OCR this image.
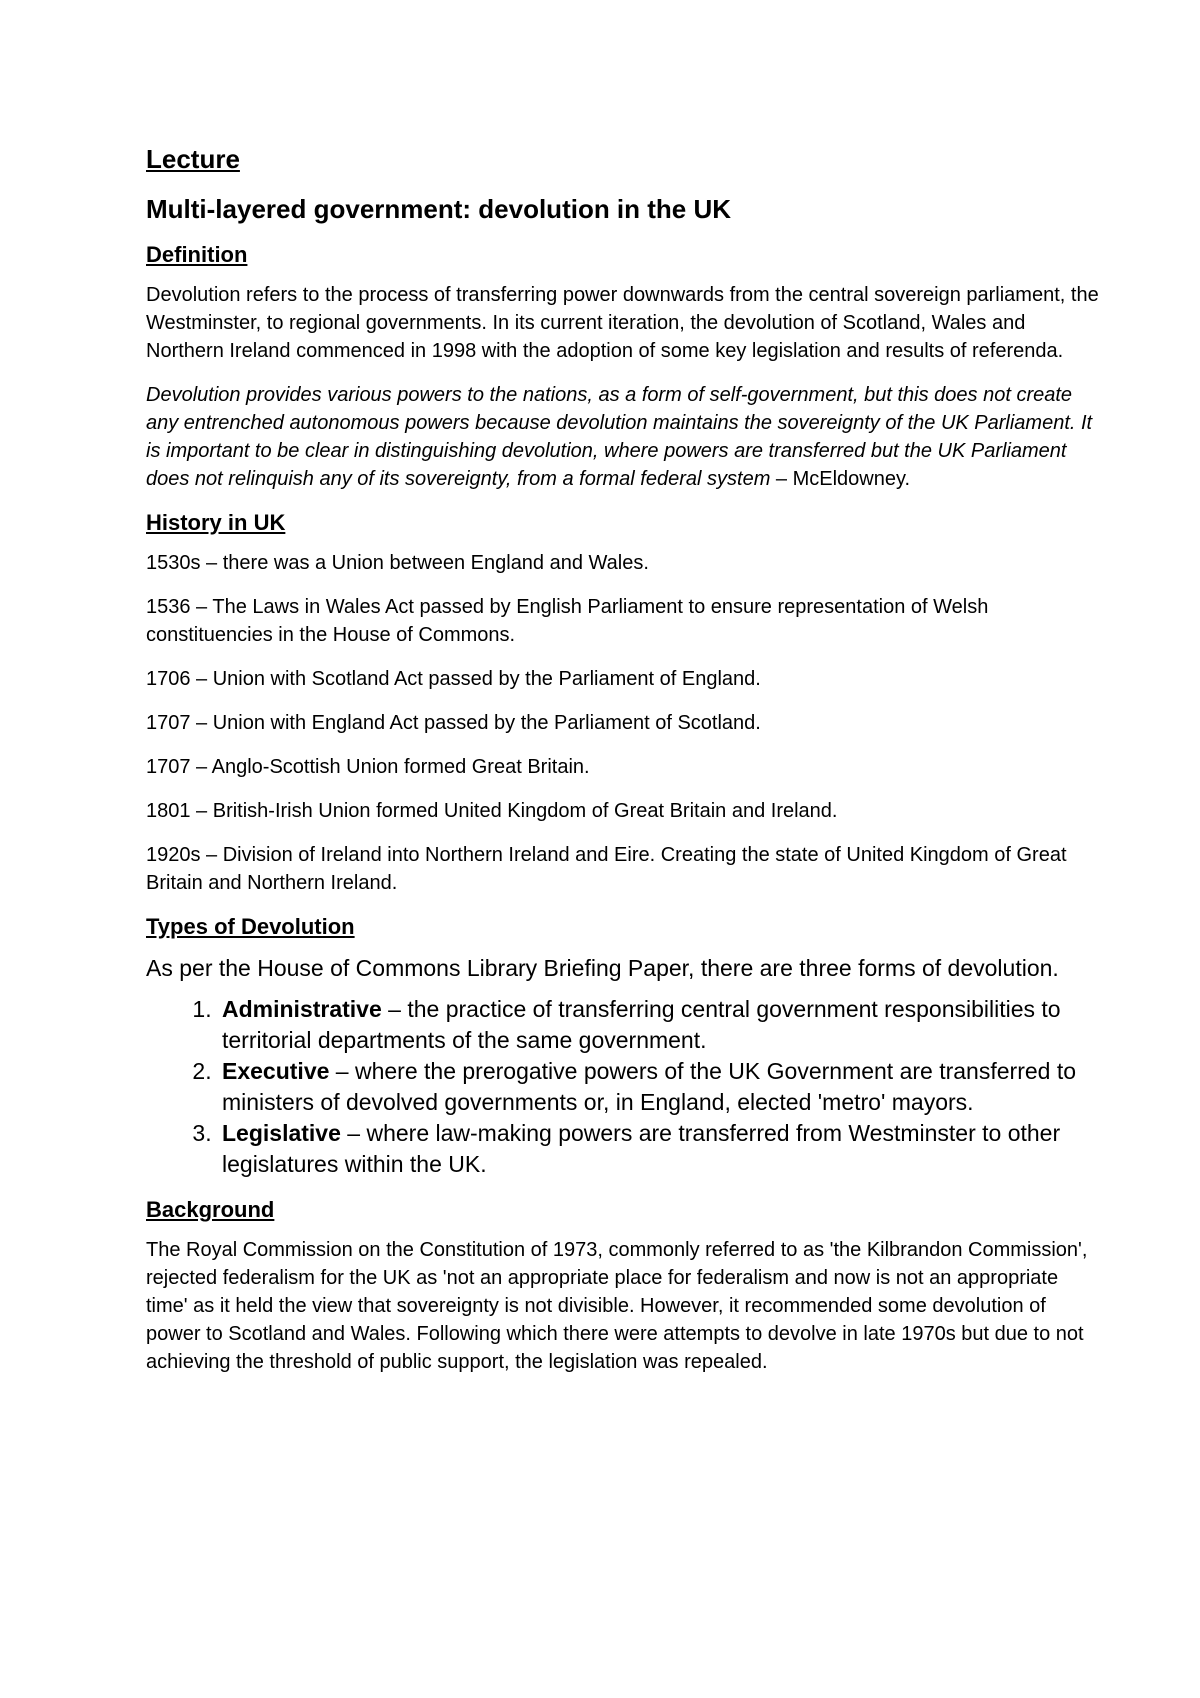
Lecture
Multi-layered government: devolution in the UK
Definition

Devolution refers to the process of transferring power downwards from the central sovereign parliament, the Westminster, to regional governments. In its current iteration, the devolution of Scotland, Wales and Northern Ireland commenced in 1998 with the adoption of some key legislation and results of referenda.

Devolution provides various powers to the nations, as a form of self-government, but this does not create any entrenched autonomous powers because devolution maintains the sovereignty of the UK Parliament. It is important to be clear in distinguishing devolution, where powers are transferred but the UK Parliament does not relinquish any of its sovereignty, from a formal federal system – McEldowney.

History in UK

1530s – there was a Union between England and Wales.

1536 – The Laws in Wales Act passed by English Parliament to ensure representation of Welsh constituencies in the House of Commons.

1706 – Union with Scotland Act passed by the Parliament of England.

1707 – Union with England Act passed by the Parliament of Scotland.

1707 – Anglo-Scottish Union formed Great Britain.

1801 – British-Irish Union formed United Kingdom of Great Britain and Ireland.

1920s – Division of Ireland into Northern Ireland and Eire. Creating the state of United Kingdom of Great Britain and Northern Ireland.

Types of Devolution

As per the House of Commons Library Briefing Paper, there are three forms of devolution.

1. Administrative – the practice of transferring central government responsibilities to territorial departments of the same government.
2. Executive – where the prerogative powers of the UK Government are transferred to ministers of devolved governments or, in England, elected 'metro' mayors.
3. Legislative – where law-making powers are transferred from Westminster to other legislatures within the UK.
Background

The Royal Commission on the Constitution of 1973, commonly referred to as 'the Kilbrandon Commission', rejected federalism for the UK as 'not an appropriate place for federalism and now is not an appropriate time' as it held the view that sovereignty is not divisible. However, it recommended some devolution of power to Scotland and Wales. Following which there were attempts to devolve in late 1970s but due to not achieving the threshold of public support, the legislation was repealed.
